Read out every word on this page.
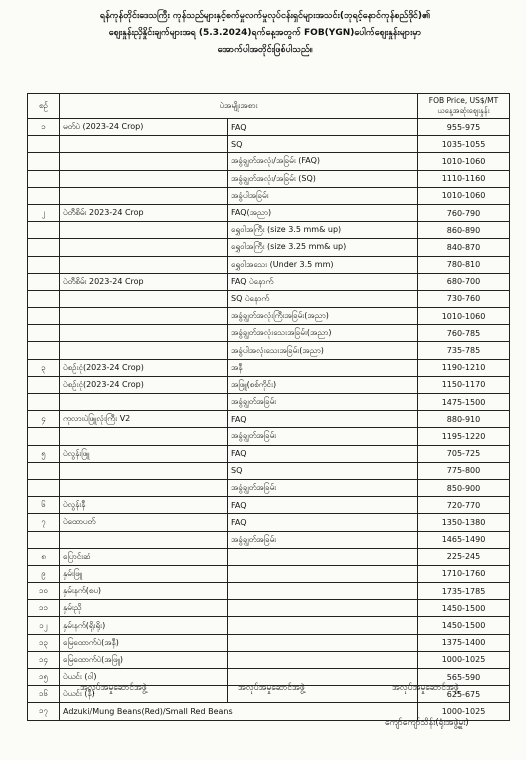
ရန်ကုန်တိုင်းဒေသကြီး ကုန်သည်များနှင့်စက်မှုလက်မှုလုပ်ငန်းရှင်များအသင်း(ဘုရင့်နောင်ကုန်စည်ဒိုင်)၏
ဈေးနှုန်းညှိနှိုင်းချက်များအရ (5.3.2024)ရက်နေ့အတွက် FOB(YGN)ပေါက်ဈေးနှုန်းများမှာ
အောက်ပါအတိုင်းဖြစ်ပါသည်။
စဉ်	ပဲအမျိုးအစား		FOB Price, US$/MT
ယနေ့အဆုံးဈေးနှုန်း

၁	မတ်ပဲ (2023-24 Crop)	FAQ	955-975
		SQ	1035-1055
		အခွံချွတ်အလုံး/အခြမ်း (FAQ)	1010-1060
		အခွံချွတ်အလုံး/အခြမ်း (SQ)	1110-1160
		အခွံပါအခြမ်း	1010-1060
၂	ပဲတီစိမ်း 2023-24 Crop	FAQ(အညာ)	760-790
		ရွှေဝါအကြီး (size 3.5 mm& up)	860-890
		ရွှေဝါအကြီး (size 3.25 mm& up)	840-870
		ရွှေဝါအသေး (Under 3.5 mm)	780-810
	ပဲတီစိမ်း 2023-24 Crop	FAQ ပဲနောက်	680-700
		SQ ပဲနောက်	730-760
		အခွံချွတ်အလုံးကြီးအခြမ်း(အညာ)	1010-1060
		အခွံချွတ်အလုံးသေးအခြမ်း(အညာ)	760-785
		အခွံပါအလုံးသေးအခြမ်း(အညာ)	735-785
၃	ပဲစဉ်းငုံ(2023-24 Crop)	အနီ	1190-1210
	ပဲစဉ်းငုံ(2023-24 Crop)	အဖြူ(စစ်ကိုင်း)	1150-1170
		အခွံချွတ်အခြမ်း	1475-1500
၄	ကုလားပဲဖြူလုံးကြီး V2	FAQ	880-910
		အခွံချွတ်အခြမ်း	1195-1220
၅	ပဲလွန်းဖြူ	FAQ	705-725
		SQ	775-800
		အခွံချွတ်အခြမ်း	850-900
၆	ပဲလွန်းနီ	FAQ	720-770
၇	ပဲထောပတ်	FAQ	1350-1380
		အခွံချွတ်အခြမ်း	1465-1490
၈	ပြောင်းဆံ		225-245
၉	နှမ်းဖြူ		1710-1760
၁၀	နှမ်းနက်(စပ)		1735-1785
၁၁	နှမ်းညို		1450-1500
၁၂	နှမ်းနက်(ရိုးရိုး)		1450-1500
၁၃	မြေထောက်ပဲ(အနီ)		1375-1400
၁၄	မြေထောက်ပဲ(အဖြူ)		1000-1025
၁၅	ပဲယင်း (ဝါ)		565-590
၁၆	ပဲယင်း (နီ)		625-675
၁၇	Adzuki/Mung Beans(Red)/Small Red Beans		1000-1025
အလုပ်အမှုဆောင်အဖွဲ့	အလုပ်အမှုဆောင်အဖွဲ့	အလုပ်အမှုဆောင်အဖွဲ့
ကျော်ကျော်သိန်း(ရုံးအဖွဲ့မှူး)
